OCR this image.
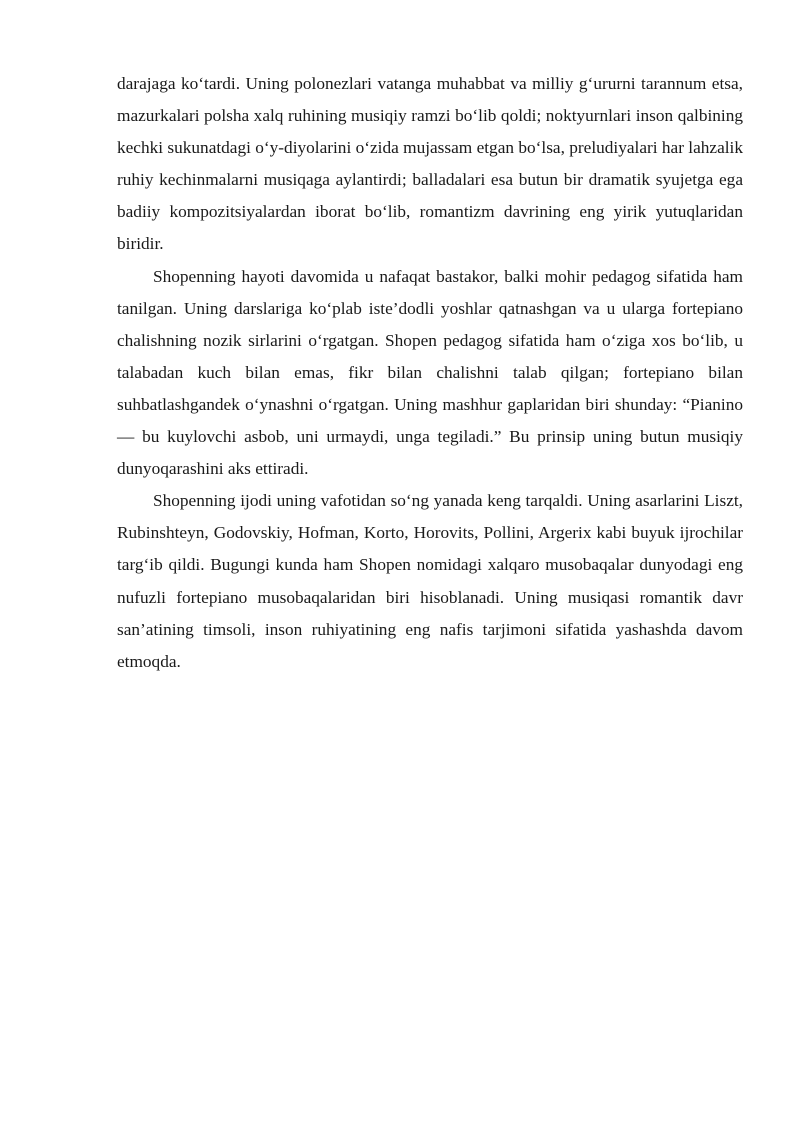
darajaga ko‘tardi. Uning polonezlari vatanga muhabbat va milliy g‘ururni tarannum etsa, mazurkalari polsha xalq ruhining musiqiy ramzi bo‘lib qoldi; noktyurnlari inson qalbining kechki sukunatdagi o‘y-diyolarini o‘zida mujassam etgan bo‘lsa, preludiyalari har lahzalik ruhiy kechinmalarni musiqaga aylantirdi; balladalari esa butun bir dramatik syujetga ega badiiy kompozitsiyalardan iborat bo‘lib, romantizm davrining eng yirik yutuqlaridan biridir.

Shopenning hayoti davomida u nafaqat bastakor, balki mohir pedagog sifatida ham tanilgan. Uning darslariga ko‘plab iste’dodli yoshlar qatnashgan va u ularga fortepiano chalishning nozik sirlarini o‘rgatgan. Shopen pedagog sifatida ham o‘ziga xos bo‘lib, u talabadan kuch bilan emas, fikr bilan chalishni talab qilgan; fortepiano bilan suhbatlashgandek o‘ynashni o‘rgatgan. Uning mashhur gaplaridan biri shunday: “Pianino — bu kuylovchi asbob, uni urmaydi, unga tegiladi.” Bu prinsip uning butun musiqiy dunyoqarashini aks ettiradi.

Shopenning ijodi uning vafotidan so‘ng yanada keng tarqaldi. Uning asarlarini Liszt, Rubinshteyn, Godovskiy, Hofman, Korto, Horovits, Pollini, Argerix kabi buyuk ijrochilar targ‘ib qildi. Bugungi kunda ham Shopen nomidagi xalqaro musobaqalar dunyodagi eng nufuzli fortepiano musobaqalaridan biri hisoblanadi. Uning musiqasi romantik davr san’atining timsoli, inson ruhiyatining eng nafis tarjimoni sifatida yashashda davom etmoqda.
